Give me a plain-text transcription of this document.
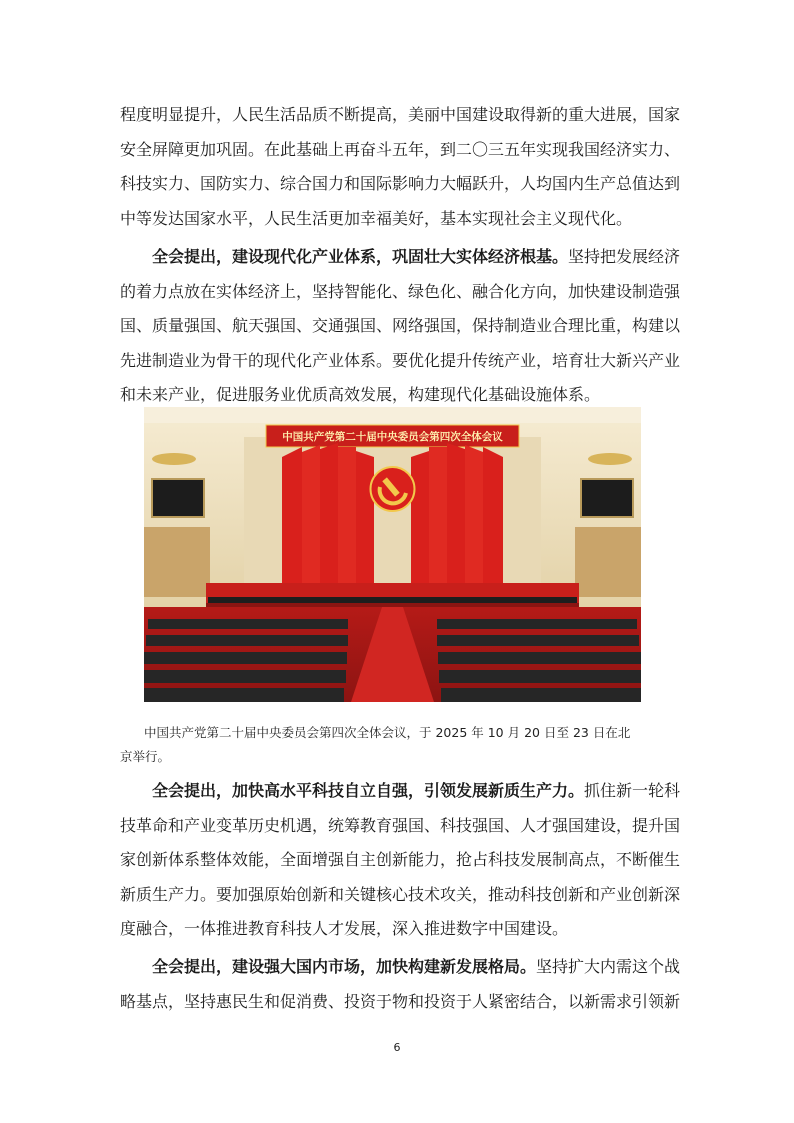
程度明显提升，人民生活品质不断提高，美丽中国建设取得新的重大进展，国家
安全屏障更加巩固。在此基础上再奋斗五年，到二〇三五年实现我国经济实力、
科技实力、国防实力、综合国力和国际影响力大幅跃升，人均国内生产总值达到
中等发达国家水平，人民生活更加幸福美好，基本实现社会主义现代化。

全会提出，建设现代化产业体系，巩固壮大实体经济根基。坚持把发展经济
的着力点放在实体经济上，坚持智能化、绿色化、融合化方向，加快建设制造强
国、质量强国、航天强国、交通强国、网络强国，保持制造业合理比重，构建以
先进制造业为骨干的现代化产业体系。要优化提升传统产业，培育壮大新兴产业
和未来产业，促进服务业优质高效发展，构建现代化基础设施体系。

中国共产党第二十届中央委员会第四次全体会议
中国共产党第二十届中央委员会第四次全体会议，于 2025 年 10 月 20 日至 23 日在北
京举行。

全会提出，加快高水平科技自立自强，引领发展新质生产力。抓住新一轮科
技革命和产业变革历史机遇，统筹教育强国、科技强国、人才强国建设，提升国
家创新体系整体效能，全面增强自主创新能力，抢占科技发展制高点，不断催生
新质生产力。要加强原始创新和关键核心技术攻关，推动科技创新和产业创新深
度融合，一体推进教育科技人才发展，深入推进数字中国建设。

全会提出，建设强大国内市场，加快构建新发展格局。坚持扩大内需这个战
略基点，坚持惠民生和促消费、投资于物和投资于人紧密结合，以新需求引领新

6
